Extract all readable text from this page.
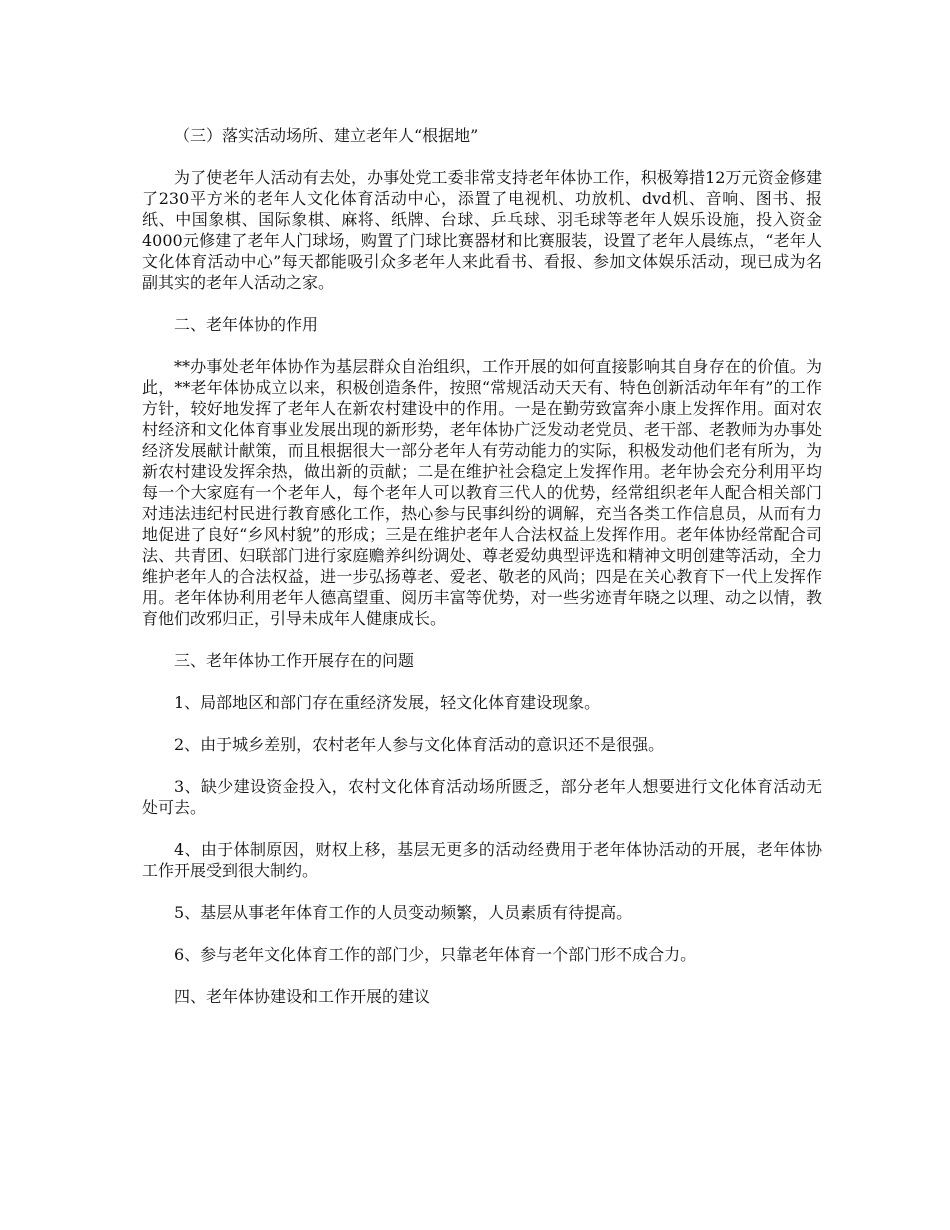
（三）落实活动场所、建立老年人“根据地”

为了使老年人活动有去处，办事处党工委非常支持老年体协工作，积极筹措12万元资金修建了230平方米的老年人文化体育活动中心，添置了电视机、功放机、dvd机、音响、图书、报纸、中国象棋、国际象棋、麻将、纸牌、台球、乒乓球、羽毛球等老年人娱乐设施，投入资金4000元修建了老年人门球场，购置了门球比赛器材和比赛服装，设置了老年人晨练点，“老年人文化体育活动中心”每天都能吸引众多老年人来此看书、看报、参加文体娱乐活动，现已成为名副其实的老年人活动之家。

二、老年体协的作用

**办事处老年体协作为基层群众自治组织，工作开展的如何直接影响其自身存在的价值。为此，**老年体协成立以来，积极创造条件，按照“常规活动天天有、特色创新活动年年有”的工作方针，较好地发挥了老年人在新农村建设中的作用。一是在勤劳致富奔小康上发挥作用。面对农村经济和文化体育事业发展出现的新形势，老年体协广泛发动老党员、老干部、老教师为办事处经济发展献计献策，而且根据很大一部分老年人有劳动能力的实际，积极发动他们老有所为，为新农村建设发挥余热，做出新的贡献；二是在维护社会稳定上发挥作用。老年协会充分利用平均每一个大家庭有一个老年人，每个老年人可以教育三代人的优势，经常组织老年人配合相关部门对违法违纪村民进行教育感化工作，热心参与民事纠纷的调解，充当各类工作信息员，从而有力地促进了良好“乡风村貌”的形成；三是在维护老年人合法权益上发挥作用。老年体协经常配合司法、共青团、妇联部门进行家庭赡养纠纷调处、尊老爱幼典型评选和精神文明创建等活动，全力维护老年人的合法权益，进一步弘扬尊老、爱老、敬老的风尚；四是在关心教育下一代上发挥作用。老年体协利用老年人德高望重、阅历丰富等优势，对一些劣迹青年晓之以理、动之以情，教育他们改邪归正，引导未成年人健康成长。

三、老年体协工作开展存在的问题

1、局部地区和部门存在重经济发展，轻文化体育建设现象。

2、由于城乡差别，农村老年人参与文化体育活动的意识还不是很强。

3、缺少建设资金投入，农村文化体育活动场所匮乏，部分老年人想要进行文化体育活动无处可去。

4、由于体制原因，财权上移，基层无更多的活动经费用于老年体协活动的开展，老年体协工作开展受到很大制约。

5、基层从事老年体育工作的人员变动频繁，人员素质有待提高。

6、参与老年文化体育工作的部门少，只靠老年体育一个部门形不成合力。

四、老年体协建设和工作开展的建议
